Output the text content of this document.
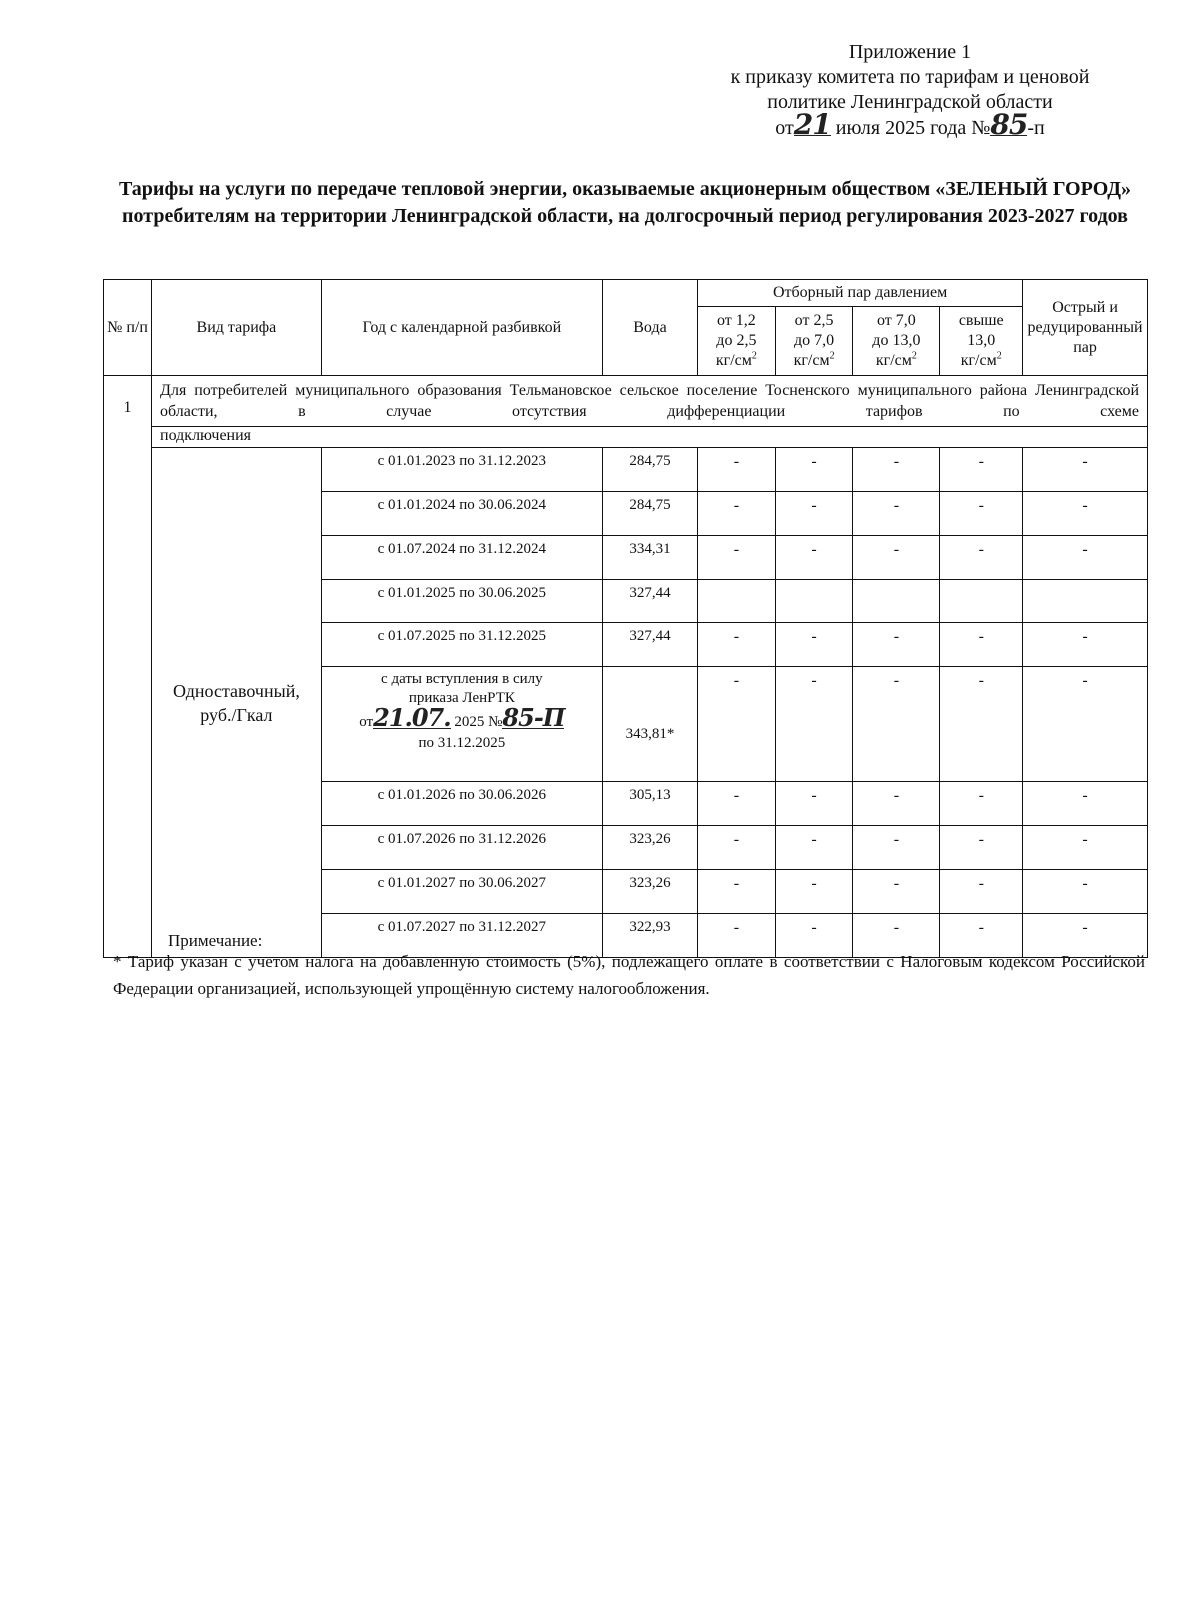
Приложение 1
к приказу комитета по тарифам и ценовой
политике Ленинградской области
от21 июля 2025 года №85-п
Тарифы на услуги по передаче тепловой энергии, оказываемые акционерным обществом «ЗЕЛЕНЫЙ ГОРОД» потребителям на территории Ленинградской области, на долгосрочный период регулирования 2023-2027 годов
№ п/п	Вид тарифа	Год с календарной разбивкой	Вода	Отборный пар давлением				Острый и редуцированный пар
				от 1,2
до 2,5
$кг/см^2$	от 2,5
до 7,0
$кг/см^2$	от 7,0
до 13,0
$кг/см^2$	свыше
13,0
$кг/см^2$
1	Для потребителей муниципального образования Тельмановское сельское поселение Тосненского муниципального района Ленинградской области, в случае отсутствия дифференциации тарифов по схеме							
	подключения							
	Одноставочный, руб./Гкал	с 01.01.2023 по 31.12.2023	284,75	-	-	-	-	-
		с 01.01.2024 по 30.06.2024	284,75	-	-	-	-	-
		с 01.07.2024 по 31.12.2024	334,31	-	-	-	-	-
		с 01.01.2025 по 30.06.2025	327,44					
		с 01.07.2025 по 31.12.2025	327,44	-	-	-	-	-

		с даты вступления в силу
приказа ЛенРТК
от21.07. 2025 №85-П
по 31.12.2025	343,81*	-	-	-	-	-
		с 01.01.2026 по 30.06.2026	305,13	-	-	-	-	-
		с 01.07.2026 по 31.12.2026	323,26	-	-	-	-	-
		с 01.01.2027 по 30.06.2027	323,26	-	-	-	-	-
		с 01.07.2027 по 31.12.2027	322,93	-	-	-	-	-
Примечание:
* Тариф указан с учетом налога на добавленную стоимость (5%), подлежащего оплате в соответствии с Налоговым кодексом Российской Федерации организацией, использующей упрощённую систему налогообложения.
